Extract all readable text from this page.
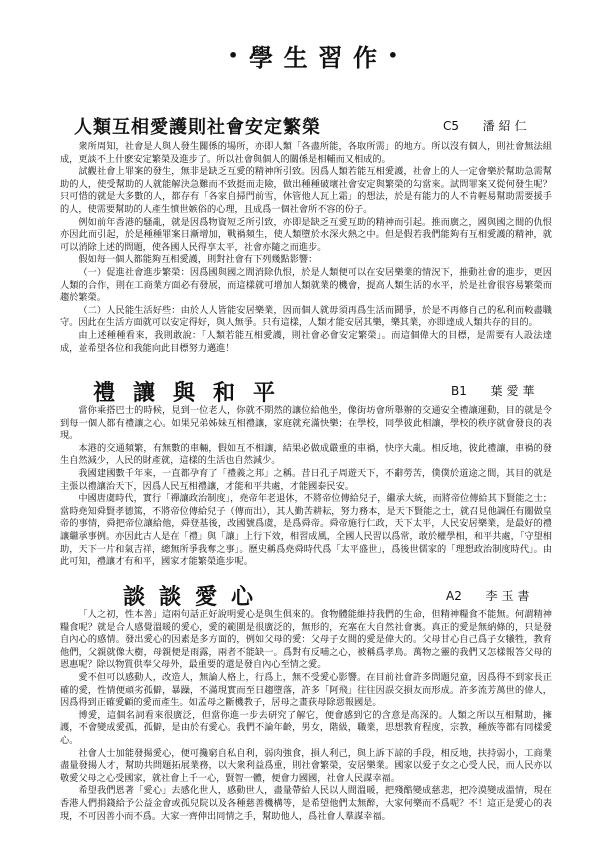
• 學 生 習 作 •
人類互相愛護則社會安定繁榮	C5 潘紹仁

衆所周知，社會是人與人發生關係的場所，亦即人類「各盡所能，各取所需」的地方。所以沒有個人，則社會無法組成，更談不上什麽安定繁榮及進步了。所以社會與個人的關係是相輔而又相成的。

試觀社會上罪案的發生，無非是缺乏互愛的精神所引致。因爲人類若能互相愛護，社會上的人一定會樂於幫助急需幫助的人，使受幫助的人就能解決急難而不致挺而走險，做出種種破壞社會安定與繁榮的勾當來。試問罪案又從何發生呢？只可惜的就是大多數的人，都存有「各家自掃門前雪，休管他人瓦上霜」的想法，於是有能力的人不肯輕易幫助需要援手的人，使需要幫助的人產生憤世嫉俗的心理，且成爲一個社會所不容的份子。

例如前年香港的騷亂，就是因爲物資短乏所引致，亦即是缺乏互愛互助的精神而引起。推而廣之，國與國之間的仇恨亦因此而引起，於是種種罪案日漸增加，戰禍頻生，使人類墮於水深火熱之中。但是假若我們能夠有互相愛護的精神，就可以消除上述的問題，使各國人民得享太平，社會亦隨之而進步。

假如每一個人都能夠互相愛護，則對社會有下列幾點影響：

（一）促進社會進步繁榮：因爲國與國之間消除仇恨，於是人類便可以在安居樂業的情況下，推動社會的進步，更因人類的合作，則在工商業方面必有發展，而這樣就可增加人類就業的機會，提高人類生活的水平，於是社會很容易繁榮而趨於繁榮。

（二）人民能生活好些：由於人人皆能安居樂業，因而個人就毋須再爲生活而鬪爭，於是不再修自己的私利而較盡職守。因此在生活方面就可以安定得好，與人無爭。只有這樣，人類才能安居其樂，樂其業，亦即達成人類共存的目的。

由上述種種看來，我則敢說：「人類若能互相愛護，則社會必會安定繁榮」。而這個偉大的目標，是需要有人設法達成，並希望各位和我能向此目標努力邁進！

禮讓與和平	B1 葉愛華

當你乘搭巴士的時候，見到一位老人，你就不期然的讓位給他坐，像街坊會所舉辦的交通安全禮讓運動，目的就是令到每一個人都有禮讓之心。如果兄弟姊妹互相禮讓，家庭就充滿快樂；在學校，同學彼此相讓，學校的秩序就會發良的表現。

本港的交通頻繁，有無數的車輛，假如互不相讓，結果必做成嚴重的車禍，快序大亂。相反地，彼此禮讓，車禍的發生自然減少，人民的財產就，這樣的生活也自然減少。

我國建國數千年來，一直都孕育了「禮義之邦」之稱。昔日孔子周遊天下，不辭勞苦，僕僕於道途之間，其目的就是主張以禮讓治天下，因爲人民互相禮讓，才能和平共處，才能國泰民安。

中國唐虞時代，實行「禪讓政治制度」，堯帝年老退休，不將帝位傳給兒子，繼承大統，而將帝位傳給其下賢能之士；當時堯知舜賢孝德篤，不將帝位傳給兒子（傳而出），其人勤苦耕耘，努力務本，是天下賢能之士，就召見他調任有關做皇帝的事情，舜把帝位讓給他，舜登基後，改國號爲虞，是爲舜帝。舜帝施行仁政，天下太平，人民安居樂業，是最好的禮讓繼承事例。亦因此古人是在「禮」與「讓」上行下效，相習成風，全國人民習以爲常，敢於權學相，和平共處，「守望相助，天下一片和氣吉祥，總無所爭我奪之事」。歷史稱爲堯舜時代爲「太平盛世」，爲後世儒家的「理想政治制度時代」。由此可知，禮讓才有和平，國家才能繁榮進步呢。

談談愛心	A2 李玉書

「人之初，性本善」這兩句話正好說明愛心是與生俱來的。食物體能維持我們的生命，但精神糧食不能無。何謂精神糧食呢？就是合人感覺溫暖的愛心，愛的範圍是很廣泛的，無形的，充塞在大自然社會裏。真正的愛是無納條的，只是發自內心的感情。發出愛心的因素是多方面的，例如父母的愛：父母子女間的愛是偉大的。父母甘心自己爲子女犧牲，教育他們，父親就像大樹，母親便是雨露，兩者不能缺一。爲對有反哺之心，被稱爲孝鳥。萬物之靈的我們又怎樣報答父母的恩惠呢？除以物質供奉父母外，最重要的還是發自內心至情之愛。

愛不但可以感動人，改造人，無論人格上，行爲上，無不受愛心影響。在目前社會許多問題兒童，因爲得不到家長正確的愛，性情便頑劣孤僻，暴躁，不滿現實而至日趨墮落，許多「阿飛」往往因誤交損友而形成。許多流芳萬世的偉人，因爲得到正確愛顧的愛而產生。如孟母之斷機教子，居母之畫荻母除惡報國是。

博愛，這個名詞看來很廣泛，但當你進一步去研究了解它，便會感到它的含意是高深的。人類之所以互相幫助，擁護，不會變成愛孤，孤僻，是由於有愛心。我們不論年齡，男女，階級，職業，思想教育程度，宗教，種族等都有同樣愛心。

社會人士加能發揚愛心，便可攙窮自私自利，弱肉強食，損人利己，與上訴下諒的手段，相反地，扶持弱小，工商業盡量發揚人才，幫助共問題拓展業務，以大衆利益爲重，則社會繁榮，安居樂業。國家以爱子女之心受人民，而人民亦以敬愛父母之心受國家，就社會上千一心，賢智一體，便會力國國，社會人民謀幸福。

希望我們恩著「愛心」去感化世人，感動世人，盡量帶給人民以人間溫暖，把殘酷變成慈悲，把冷漠變成溫情，現在香港人們捐錢給予公益金會或孤兒院以及各種慈善機構等，是希望他們太無醉，大家何樂而不爲呢？不！這正是愛心的表現，不可因善小而不爲。大家一齊伸出同情之手，幫助他人，爲社會人羣謀幸福。
